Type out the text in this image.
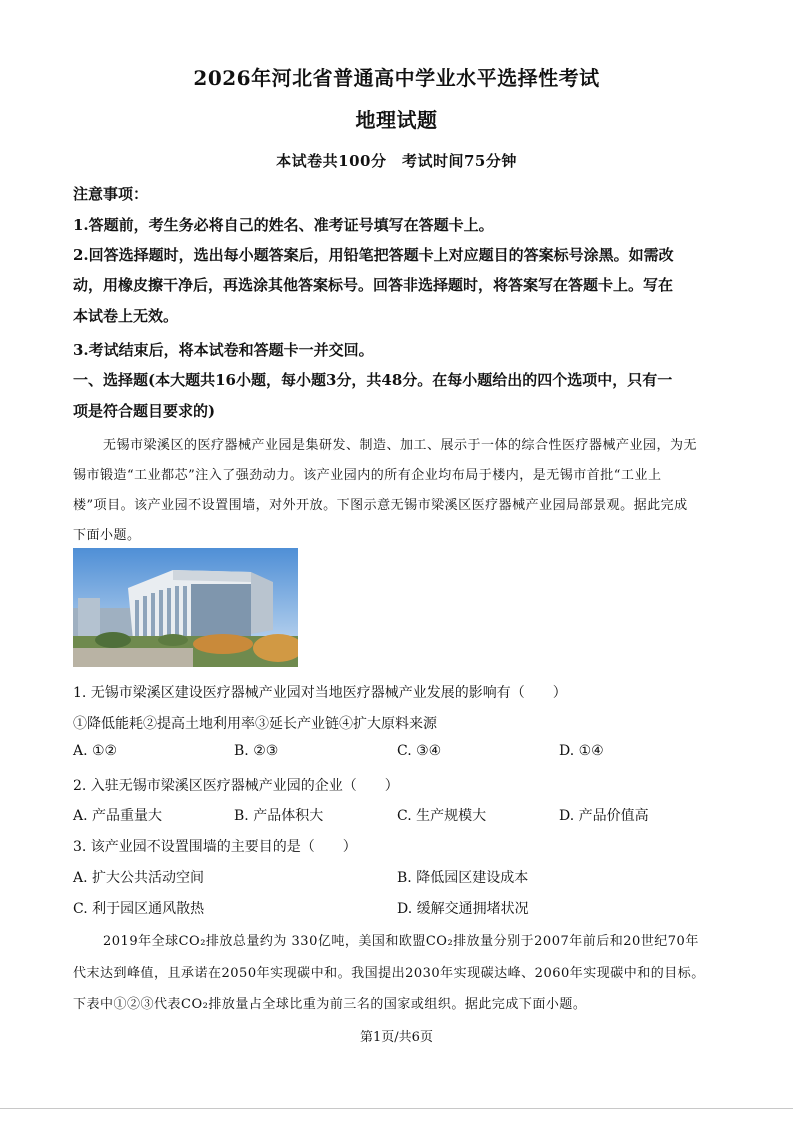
2026年河北省普通高中学业水平选择性考试
地理试题
本试卷共100分　考试时间75分钟
注意事项：
1.答题前，考生务必将自己的姓名、准考证号填写在答题卡上。
2.回答选择题时，选出每小题答案后，用铅笔把答题卡上对应题目的答案标号涂黑。如需改
动，用橡皮擦干净后，再选涂其他答案标号。回答非选择题时，将答案写在答题卡上。写在
本试卷上无效。
3.考试结束后，将本试卷和答题卡一并交回。
一、选择题(本大题共16小题，每小题3分，共48分。在每小题给出的四个选项中，只有一
项是符合题目要求的)
无锡市梁溪区的医疗器械产业园是集研发、制造、加工、展示于一体的综合性医疗器械产业园，为无
锡市锻造“工业都芯”注入了强劲动力。该产业园内的所有企业均布局于楼内，是无锡市首批“工业上
楼”项目。该产业园不设置围墙，对外开放。下图示意无锡市梁溪区医疗器械产业园局部景观。据此完成
下面小题。
1. 无锡市梁溪区建设医疗器械产业园对当地医疗器械产业发展的影响有（　　）
①降低能耗②提高土地利用率③延长产业链④扩大原料来源
A. ①②	B. ②③	C. ③④	D. ①④
2. 入驻无锡市梁溪区医疗器械产业园的企业（　　）
A. 产品重量大	B. 产品体积大	C. 生产规模大	D. 产品价值高
3. 该产业园不设置围墙的主要目的是（　　）
A. 扩大公共活动空间	B. 降低园区建设成本
C. 利于园区通风散热	D. 缓解交通拥堵状况
2019年全球CO₂排放总量约为 330亿吨，美国和欧盟CO₂排放量分别于2007年前后和20世纪70年
代末达到峰值，且承诺在2050年实现碳中和。我国提出2030年实现碳达峰、2060年实现碳中和的目标。
下表中①②③代表CO₂排放量占全球比重为前三名的国家或组织。据此完成下面小题。
第1页/共6页
